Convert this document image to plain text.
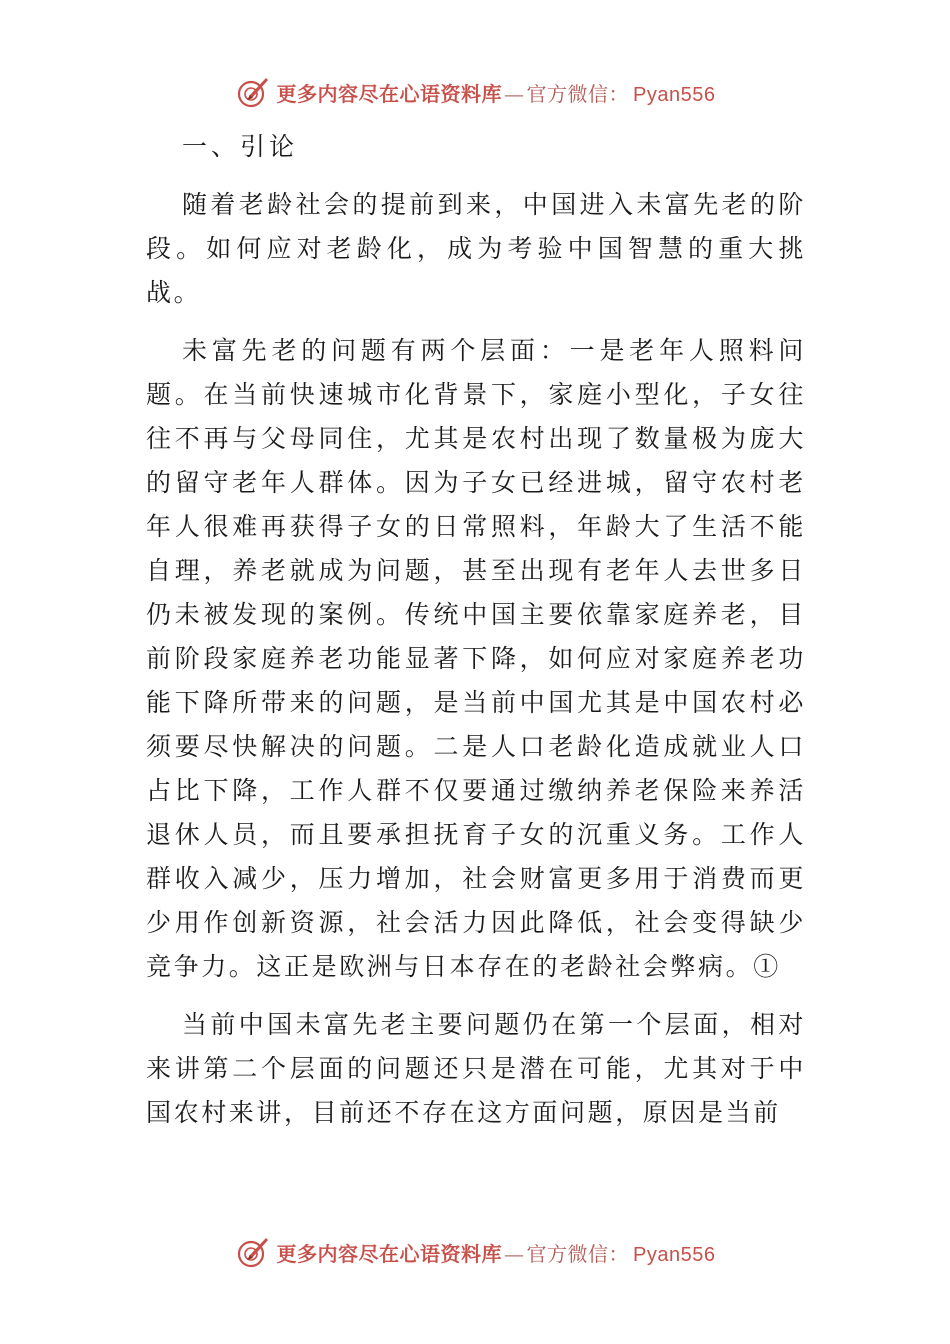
更多内容尽在心语资料库 — 官方微信： Pyan556
一、引论

随着老龄社会的提前到来，中国进入未富先老的阶段。如何应对老龄化，成为考验中国智慧的重大挑战。

未富先老的问题有两个层面：一是老年人照料问题。在当前快速城市化背景下，家庭小型化，子女往往不再与父母同住，尤其是农村出现了数量极为庞大的留守老年人群体。因为子女已经进城，留守农村老年人很难再获得子女的日常照料，年龄大了生活不能自理，养老就成为问题，甚至出现有老年人去世多日仍未被发现的案例。传统中国主要依靠家庭养老，目前阶段家庭养老功能显著下降，如何应对家庭养老功能下降所带来的问题，是当前中国尤其是中国农村必须要尽快解决的问题。二是人口老龄化造成就业人口占比下降，工作人群不仅要通过缴纳养老保险来养活退休人员，而且要承担抚育子女的沉重义务。工作人群收入减少，压力增加，社会财富更多用于消费而更少用作创新资源，社会活力因此降低，社会变得缺少竞争力。这正是欧洲与日本存在的老龄社会弊病。①

当前中国未富先老主要问题仍在第一个层面，相对来讲第二个层面的问题还只是潜在可能，尤其对于中国农村来讲，目前还不存在这方面问题，原因是当前

更多内容尽在心语资料库 — 官方微信： Pyan556
